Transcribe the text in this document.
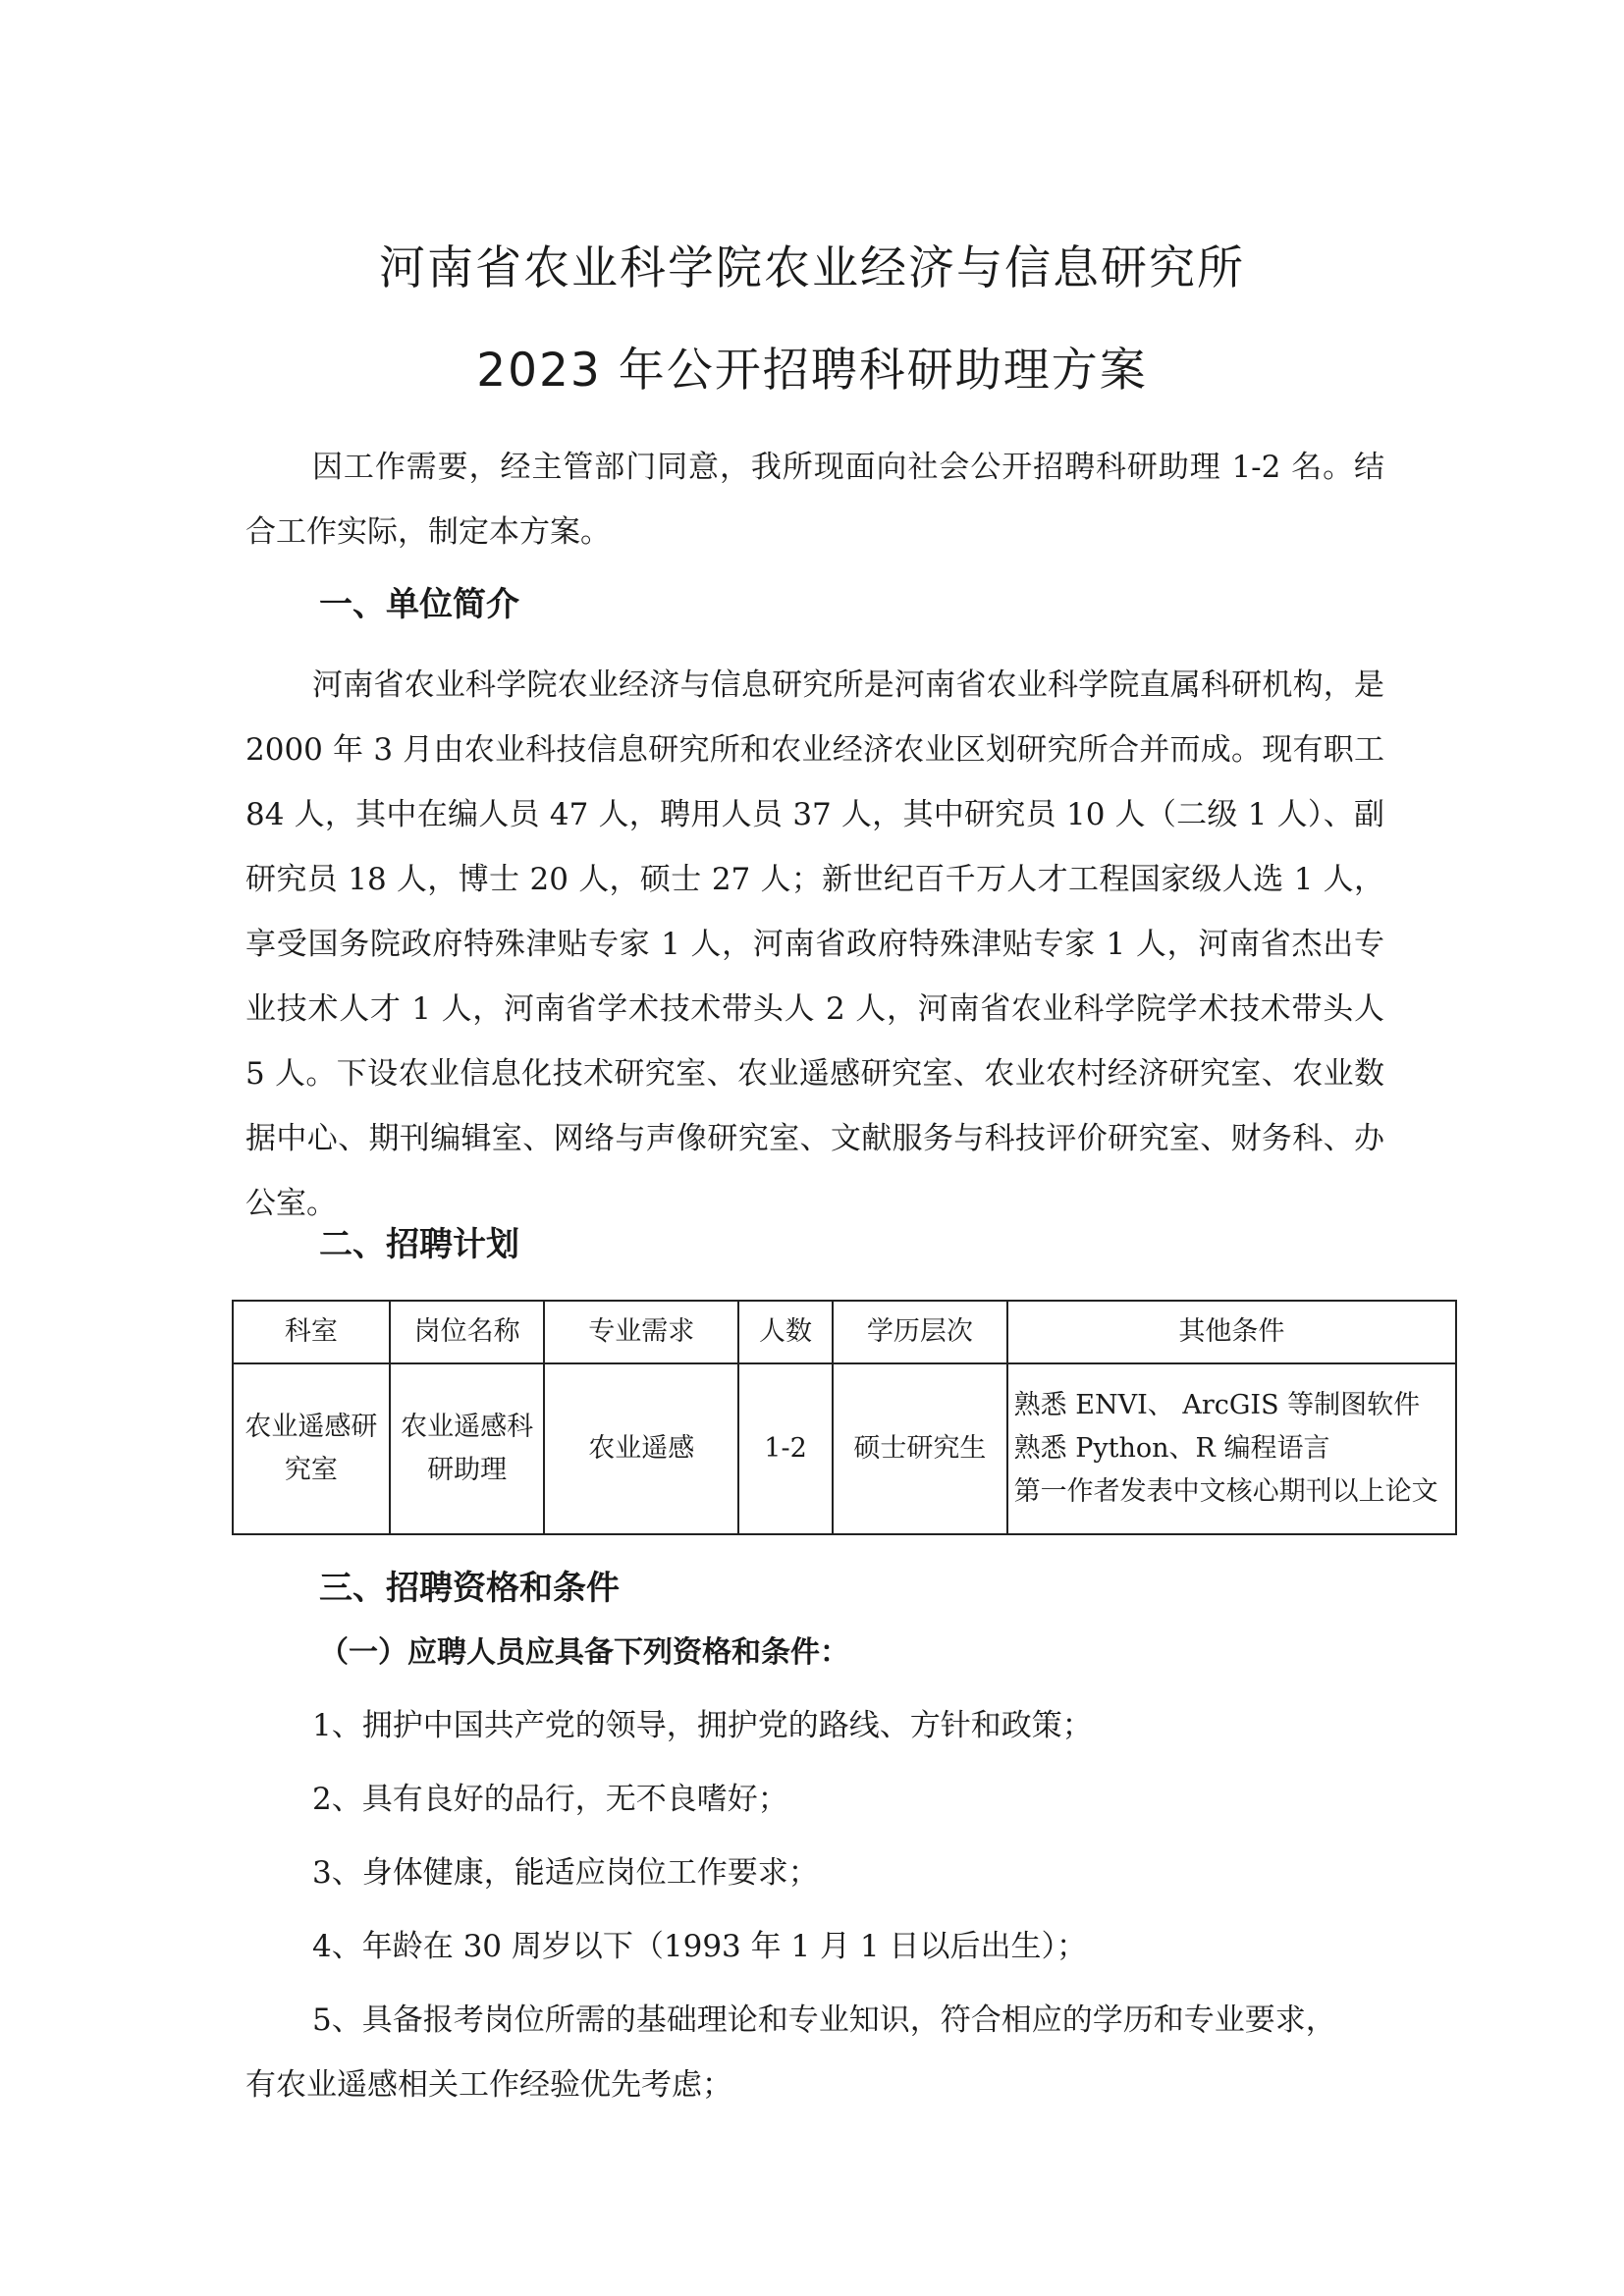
河南省农业科学院农业经济与信息研究所
2023 年公开招聘科研助理方案

因工作需要，经主管部门同意，我所现面向社会公开招聘科研助理 1-2 名。结合工作实际，制定本方案。

一、单位简介

河南省农业科学院农业经济与信息研究所是河南省农业科学院直属科研机构，是 2000 年 3 月由农业科技信息研究所和农业经济农业区划研究所合并而成。现有职工 84 人，其中在编人员 47 人，聘用人员 37 人，其中研究员 10 人（二级 1 人）、副研究员 18 人，博士 20 人，硕士 27 人；新世纪百千万人才工程国家级人选 1 人，享受国务院政府特殊津贴专家 1 人，河南省政府特殊津贴专家 1 人，河南省杰出专业技术人才 1 人，河南省学术技术带头人 2 人，河南省农业科学院学术技术带头人 5 人。下设农业信息化技术研究室、农业遥感研究室、农业农村经济研究室、农业数据中心、期刊编辑室、网络与声像研究室、文献服务与科技评价研究室、财务科、办公室。

二、招聘计划
科室	岗位名称	专业需求	人数	学历层次	其他条件
农业遥感研究室	农业遥感科研助理	农业遥感	1-2	硕士研究生	熟悉 ENVI、 ArcGIS 等制图软件
熟悉 Python、R 编程语言
第一作者发表中文核心期刊以上论文
三、招聘资格和条件
（一）应聘人员应具备下列资格和条件：

1、拥护中国共产党的领导，拥护党的路线、方针和政策；

2、具有良好的品行，无不良嗜好；

3、身体健康，能适应岗位工作要求；

4、年龄在 30 周岁以下（1993 年 1 月 1 日以后出生）；

5、具备报考岗位所需的基础理论和专业知识，符合相应的学历和专业要求，

有农业遥感相关工作经验优先考虑；
